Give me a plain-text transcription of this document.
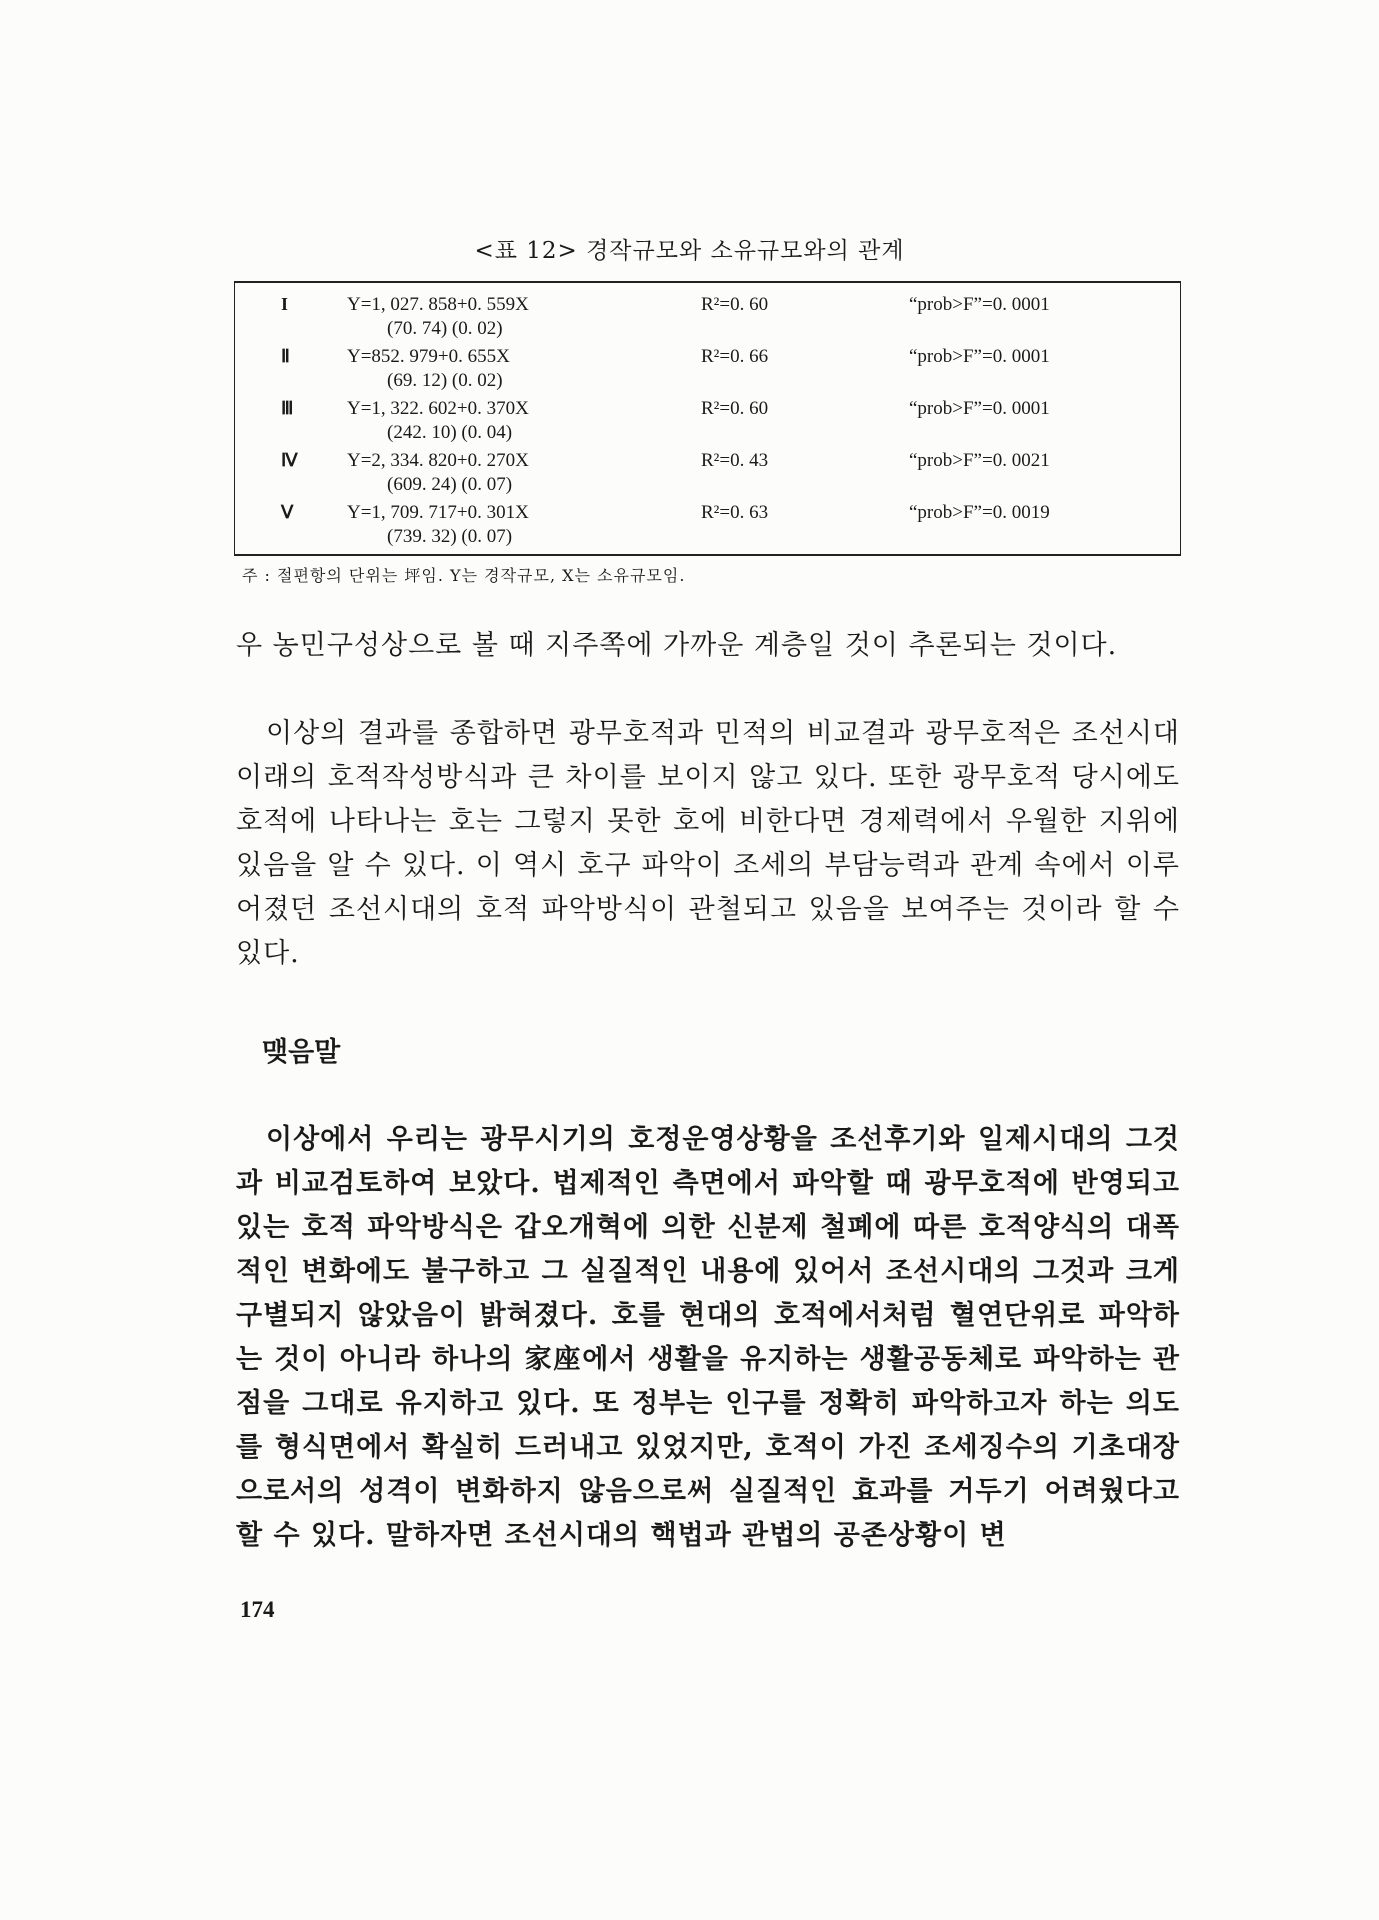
<표 12> 경작규모와 소유규모와의 관계
I	Y=1, 027. 858+0. 559X
(70. 74) (0. 02)
R²=0. 60	“prob>F”=0. 0001
Ⅱ	Y=852. 979+0. 655X
(69. 12) (0. 02)
R²=0. 66	“prob>F”=0. 0001
Ⅲ	Y=1, 322. 602+0. 370X
(242. 10) (0. 04)
R²=0. 60	“prob>F”=0. 0001
Ⅳ	Y=2, 334. 820+0. 270X
(609. 24) (0. 07)
R²=0. 43	“prob>F”=0. 0021
Ⅴ	Y=1, 709. 717+0. 301X
(739. 32) (0. 07)
R²=0. 63	“prob>F”=0. 0019
주 : 절편항의 단위는 坪임. Y는 경작규모, X는 소유규모임.

우 농민구성상으로 볼 때 지주쪽에 가까운 계층일 것이 추론되는 것이다.

이상의 결과를 종합하면 광무호적과 민적의 비교결과 광무호적은 조선시대 이래의 호적작성방식과 큰 차이를 보이지 않고 있다. 또한 광무호적 당시에도 호적에 나타나는 호는 그렇지 못한 호에 비한다면 경제력에서 우월한 지위에 있음을 알 수 있다. 이 역시 호구 파악이 조세의 부담능력과 관계 속에서 이루어졌던 조선시대의 호적 파악방식이 관철되고 있음을 보여주는 것이라 할 수 있다.

맺음말

이상에서 우리는 광무시기의 호정운영상황을 조선후기와 일제시대의 그것과 비교검토하여 보았다. 법제적인 측면에서 파악할 때 광무호적에 반영되고 있는 호적 파악방식은 갑오개혁에 의한 신분제 철폐에 따른 호적양식의 대폭적인 변화에도 불구하고 그 실질적인 내용에 있어서 조선시대의 그것과 크게 구별되지 않았음이 밝혀졌다. 호를 현대의 호적에서처럼 혈연단위로 파악하는 것이 아니라 하나의 家座에서 생활을 유지하는 생활공동체로 파악하는 관점을 그대로 유지하고 있다. 또 정부는 인구를 정확히 파악하고자 하는 의도를 형식면에서 확실히 드러내고 있었지만, 호적이 가진 조세징수의 기초대장으로서의 성격이 변화하지 않음으로써 실질적인 효과를 거두기 어려웠다고 할 수 있다. 말하자면 조선시대의 핵법과 관법의 공존상황이 변

174
